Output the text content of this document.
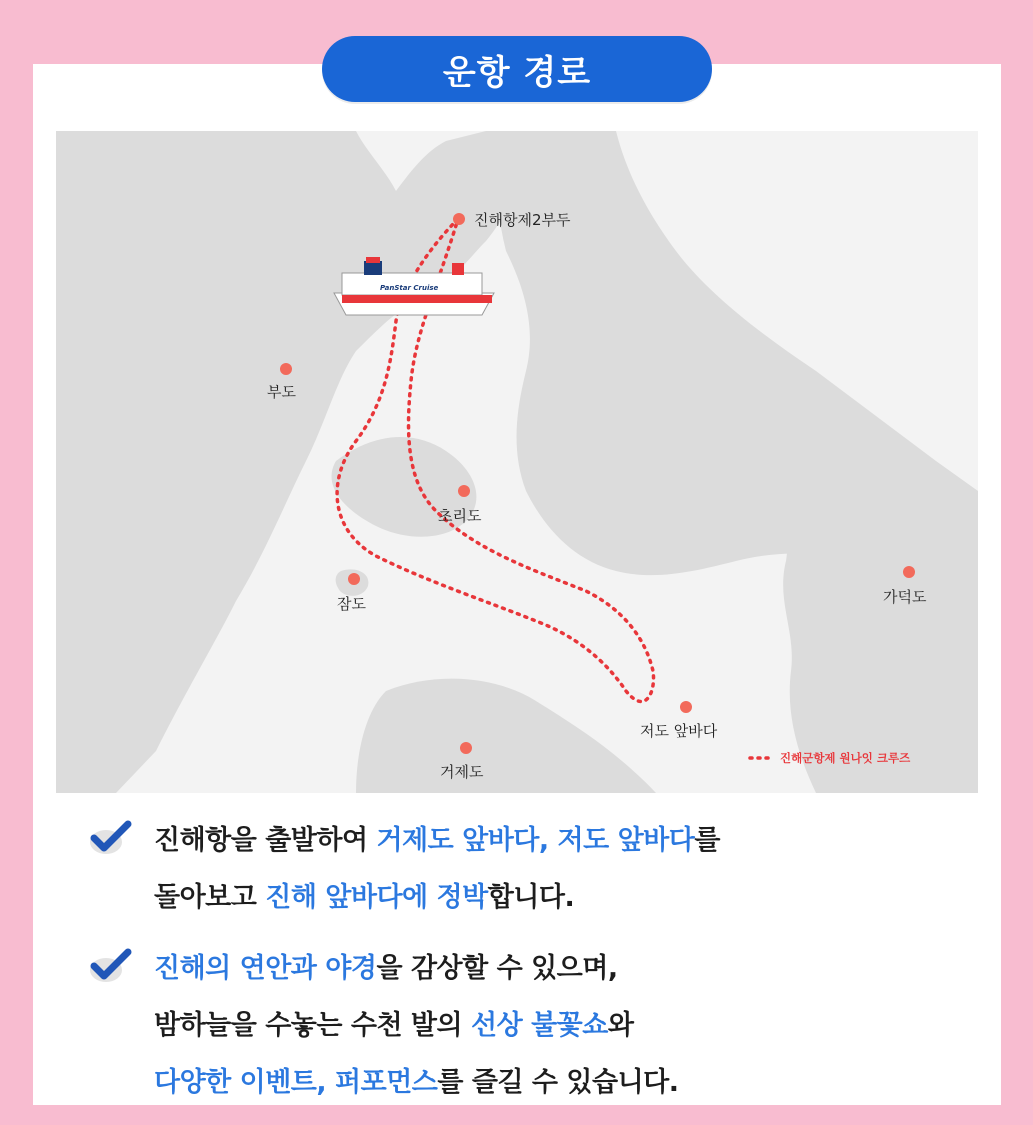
운항 경로
PanStar Cruise
진해항제2부두
부도
초리도
잠도	가덕도
저도 앞바다
거제도
진해군항제 원나잇 크루즈

진해항을 출발하여 거제도 앞바다, 저도 앞바다를
돌아보고 진해 앞바다에 정박합니다.

진해의 연안과 야경을 감상할 수 있으며,
밤하늘을 수놓는 수천 발의 선상 불꽃쇼와
다양한 이벤트, 퍼포먼스를 즐길 수 있습니다.
